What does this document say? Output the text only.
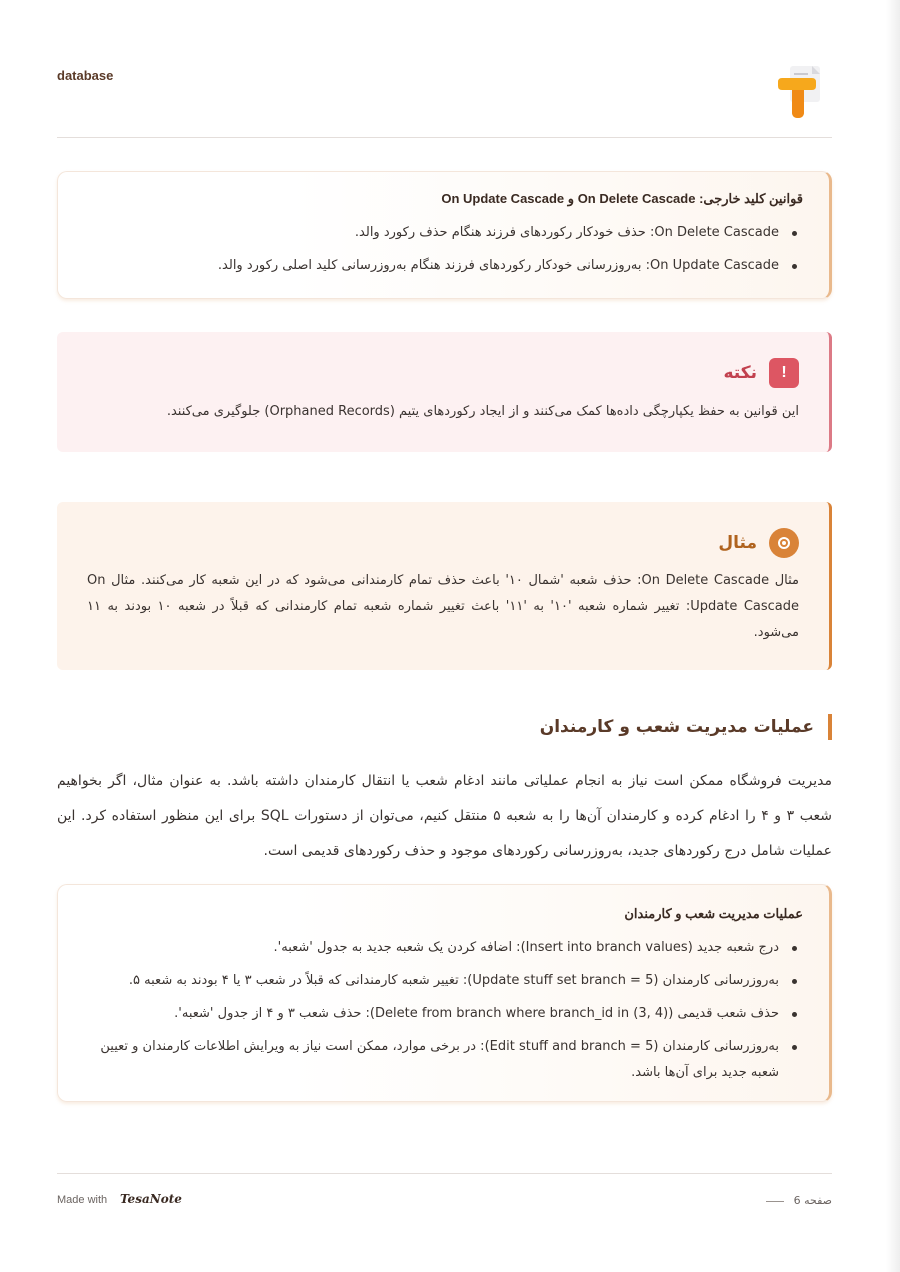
database
قوانین کلید خارجی: On Delete Cascade و On Update Cascade
On Delete Cascade: حذف خودکار رکوردهای فرزند هنگام حذف رکورد والد.
On Update Cascade: به‌روزرسانی خودکار رکوردهای فرزند هنگام به‌روزرسانی کلید اصلی رکورد والد.
!
نکته
این قوانین به حفظ یکپارچگی داده‌ها کمک می‌کنند و از ایجاد رکوردهای یتیم (Orphaned Records) جلوگیری می‌کنند.
مثال
مثال On Delete Cascade: حذف شعبه 'شمال ۱۰' باعث حذف تمام کارمندانی می‌شود که در این شعبه کار می‌کنند. مثال On Update Cascade: تغییر شماره شعبه '۱۰' به '۱۱' باعث تغییر شماره شعبه تمام کارمندانی که قبلاً در شعبه ۱۰ بودند به ۱۱ می‌شود.
عملیات مدیریت شعب و کارمندان
مدیریت فروشگاه ممکن است نیاز به انجام عملیاتی مانند ادغام شعب یا انتقال کارمندان داشته باشد. به عنوان مثال، اگر بخواهیم شعب ۳ و ۴ را ادغام کرده و کارمندان آن‌ها را به شعبه ۵ منتقل کنیم، می‌توان از دستورات SQL برای این منظور استفاده کرد. این عملیات شامل درج رکوردهای جدید، به‌روزرسانی رکوردهای موجود و حذف رکوردهای قدیمی است.
عملیات مدیریت شعب و کارمندان
درج شعبه جدید (Insert into branch values): اضافه کردن یک شعبه جدید به جدول 'شعبه'.
به‌روزرسانی کارمندان (Update stuff set branch = 5): تغییر شعبه کارمندانی که قبلاً در شعب ۳ یا ۴ بودند به شعبه ۵.
حذف شعب قدیمی (Delete from branch where branch_id in (3, 4)): حذف شعب ۳ و ۴ از جدول 'شعبه'.
به‌روزرسانی کارمندان (Edit stuff and branch = 5): در برخی موارد، ممکن است نیاز به ویرایش اطلاعات کارمندان و تعیین شعبه جدید برای آن‌ها باشد.
Made with TesaNote	صفحه 6
